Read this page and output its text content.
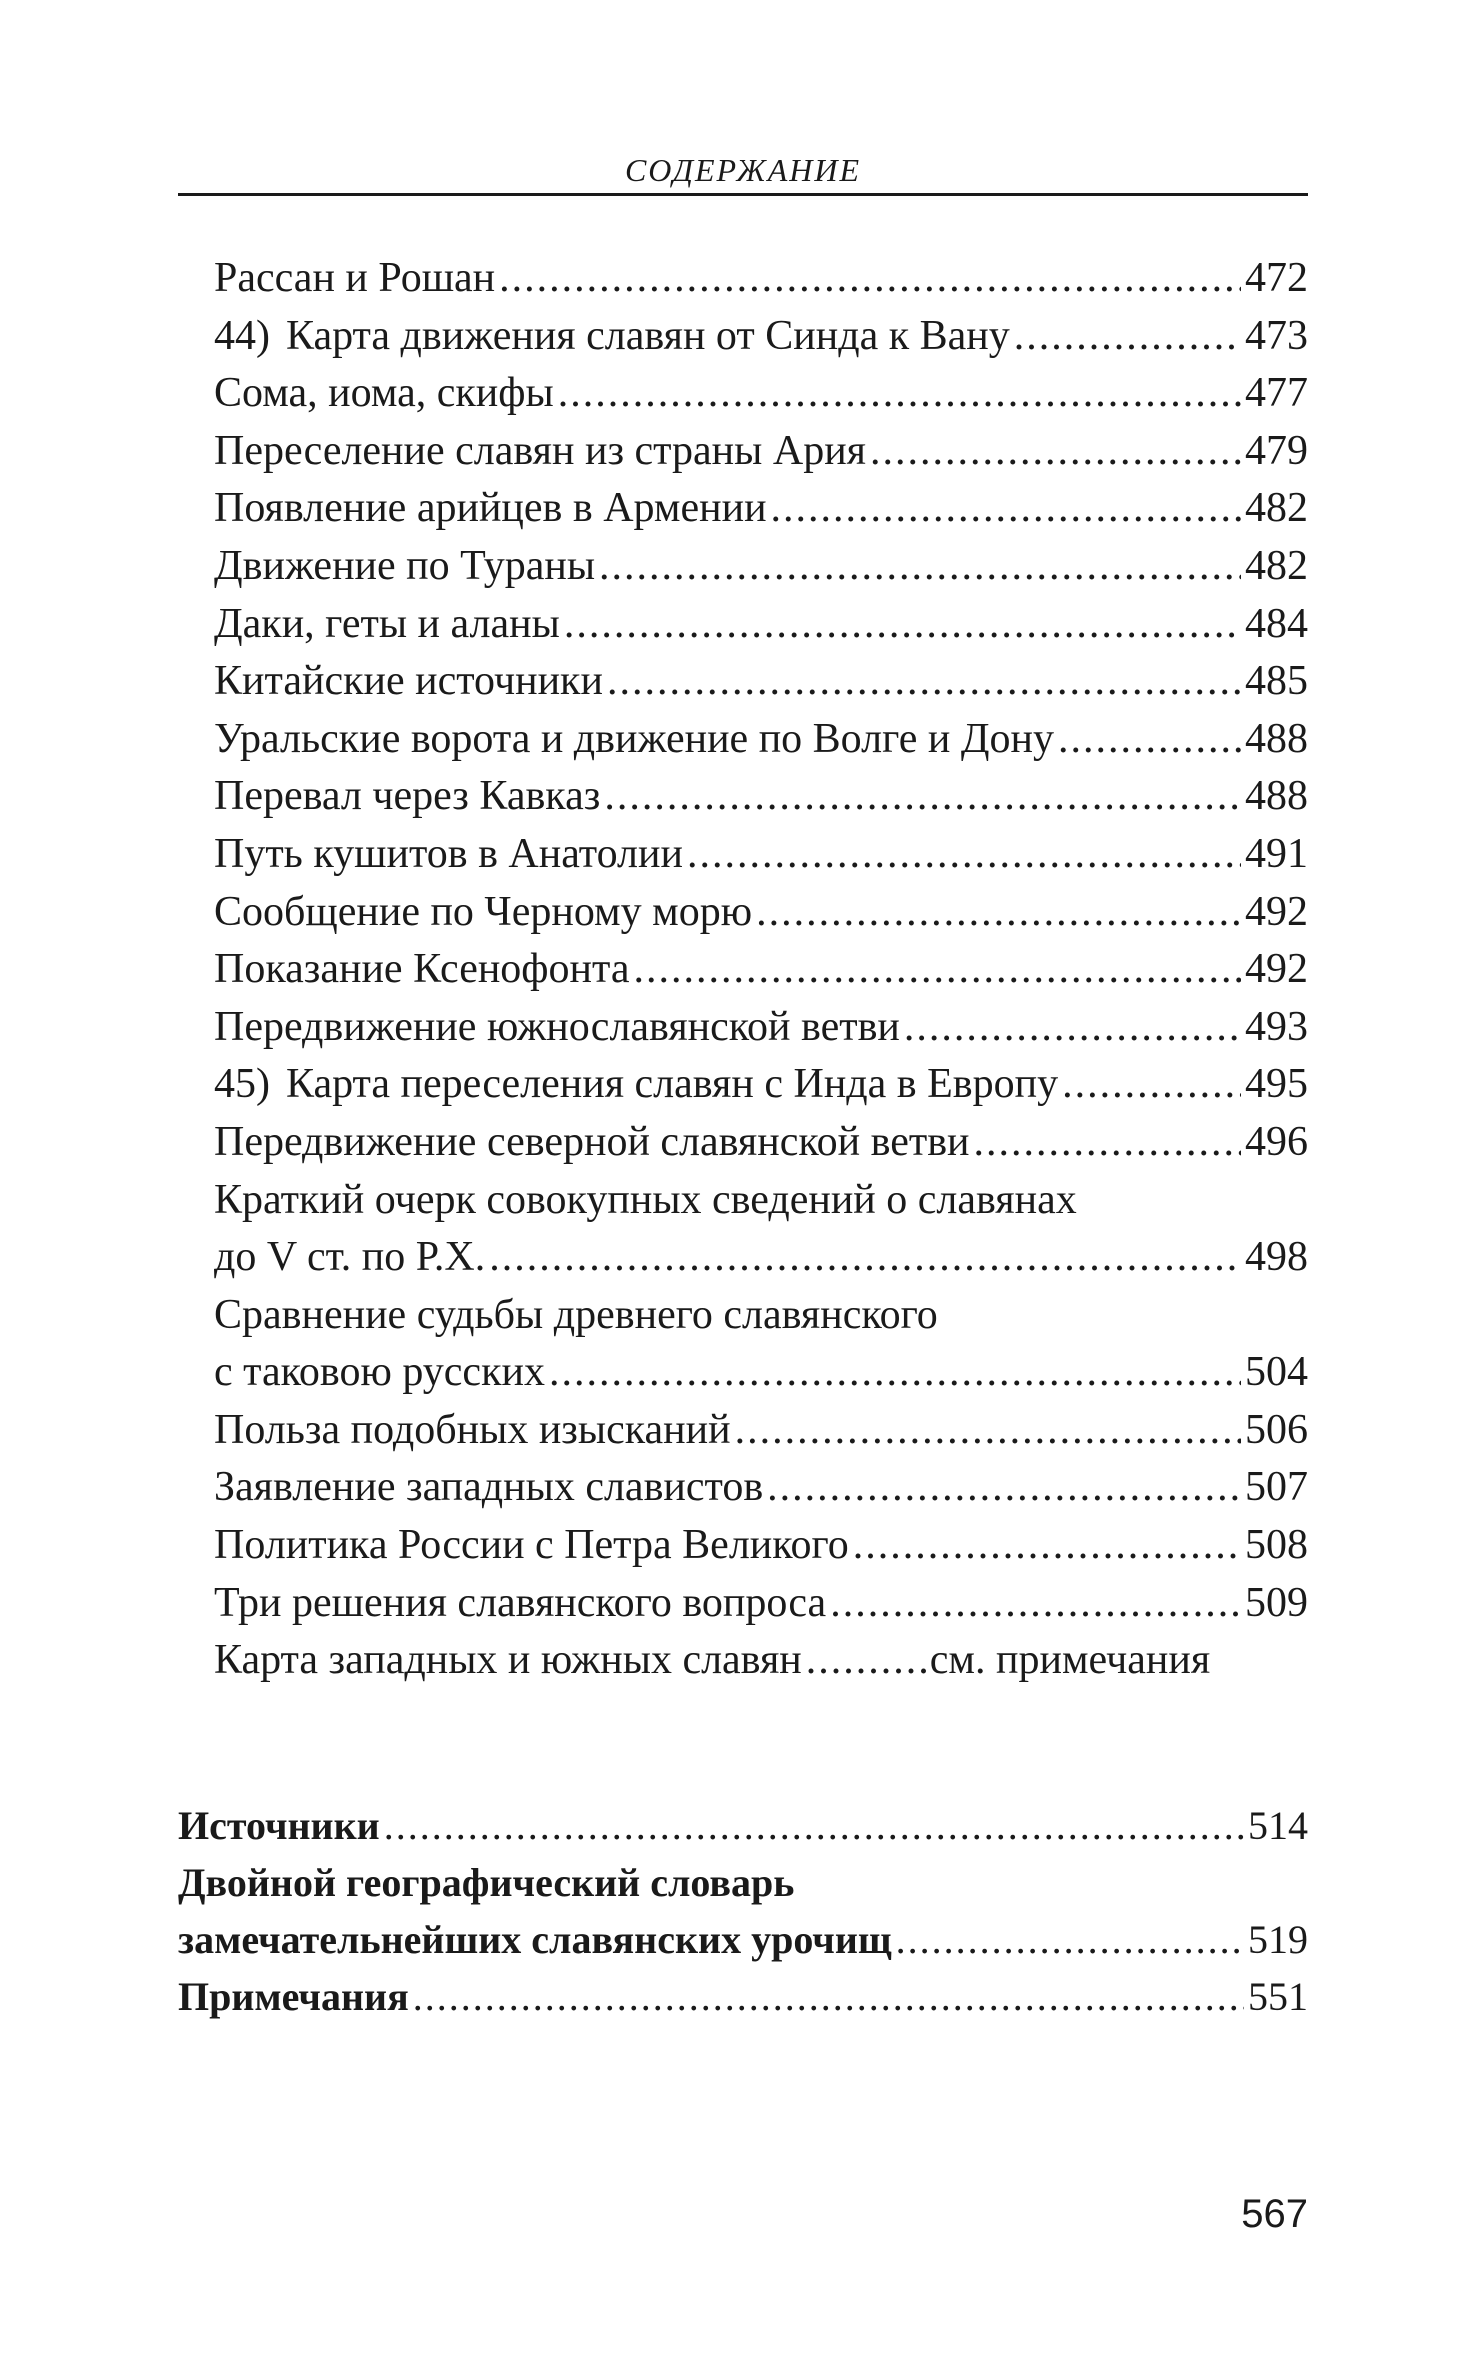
СОДЕРЖАНИЕ
Рассан и Рошан .....	472
44) Карта движения славян от Синда к Вану .....	473
Сома, иома, скифы .....	477
Переселение славян из страны Ария .....	479
Появление арийцев в Армении .....	482
Движение по Тураны .....	482
Даки, геты и аланы .....	484
Китайские источники .....	485
Уральские ворота и движение по Волге и Дону .....	488
Перевал через Кавказ .....	488
Путь кушитов в Анатолии .....	491
Сообщение по Черному морю .....	492
Показание Ксенофонта .....	492
Передвижение южнославянской ветви .....	493
45) Карта переселения славян с Инда в Европу .....	495
Передвижение северной славянской ветви .....	496
Краткий очерк совокупных сведений о славянах
до V ст. по Р.Х. .....	498
Сравнение судьбы древнего славянского
с таковою русских .....	504
Польза подобных изысканий .....	506
Заявление западных славистов .....	507
Политика России с Петра Великого .....	508
Три решения славянского вопроса .....	509
Карта западных и южных славян .....	см. примечания
Источники .....	514
Двойной географический словарь
замечательнейших славянских урочищ .....	519
Примечания .....	551
567
